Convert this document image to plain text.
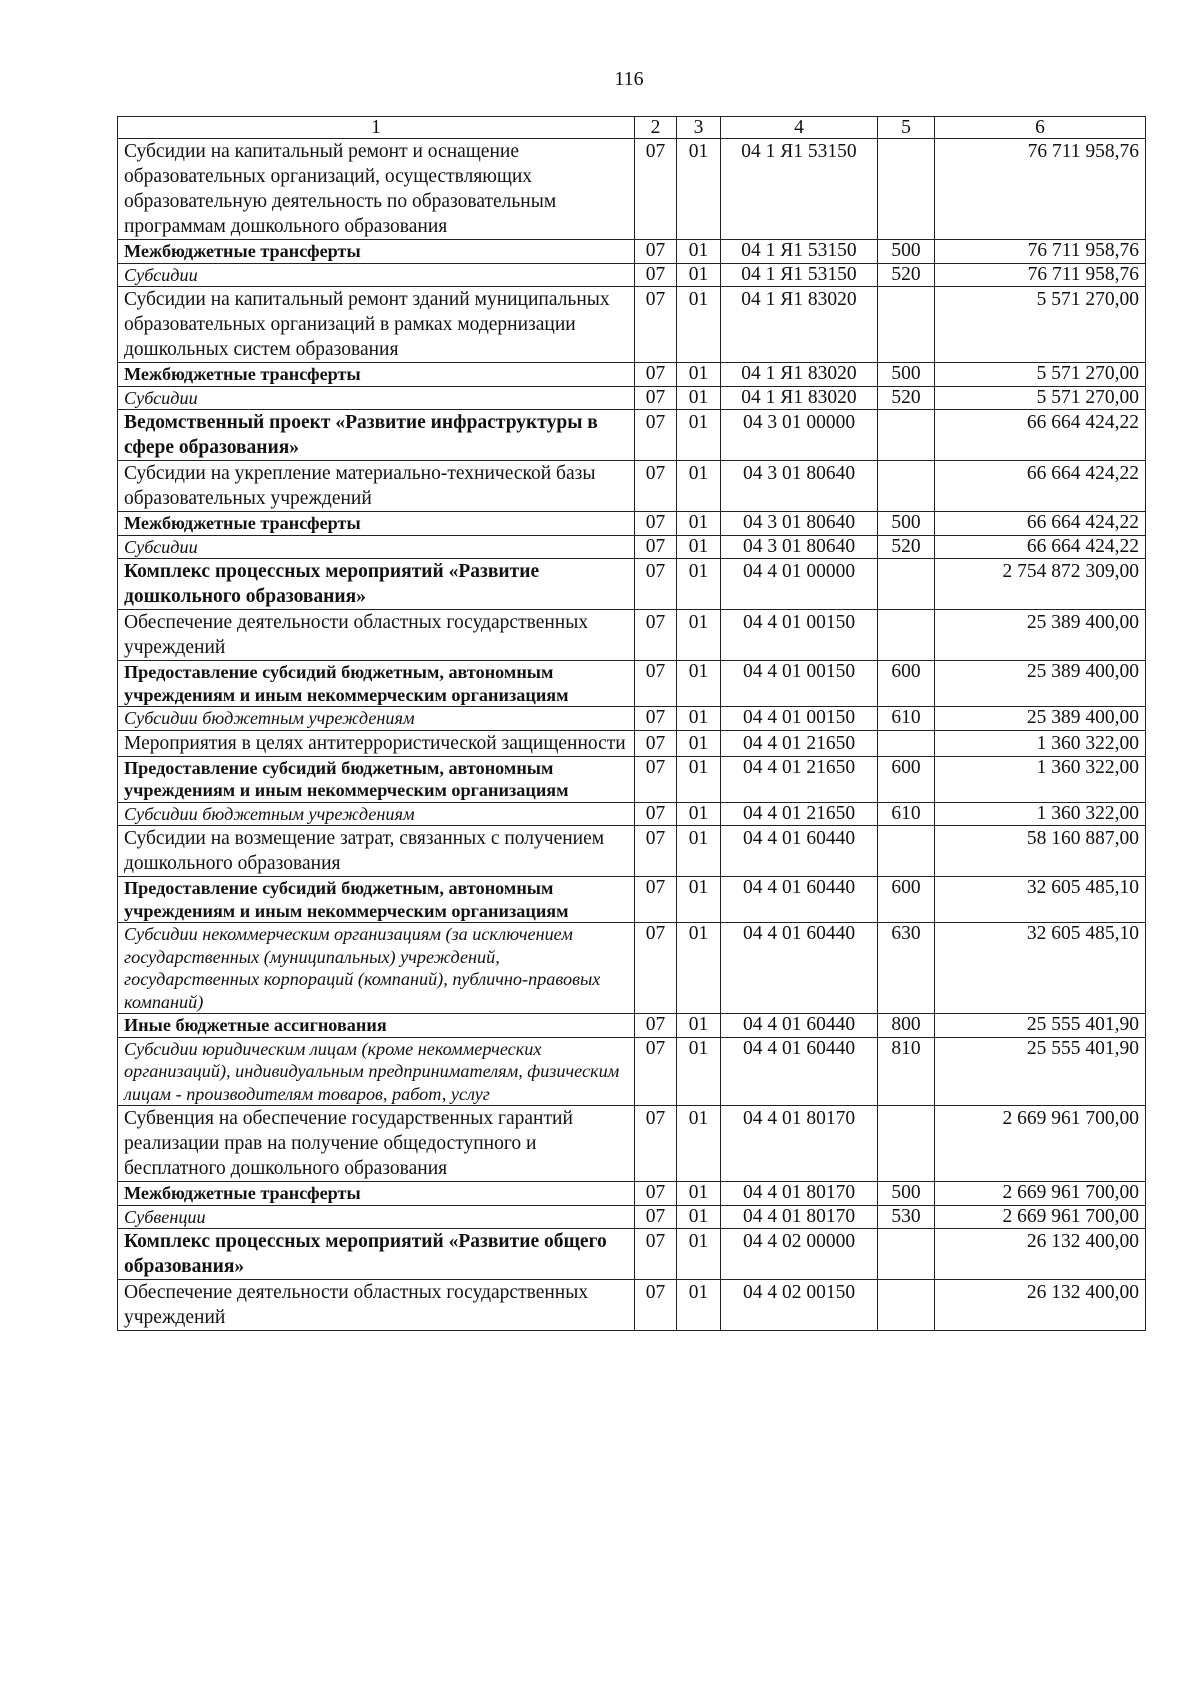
116
1	2	3	4	5	6
Субсидии на капитальный ремонт и оснащение образовательных организаций, осуществляющих образовательную деятельность по образовательным программам дошкольного образования	07	01	04 1 Я1 53150		76 711 958,76
Межбюджетные трансферты	07	01	04 1 Я1 53150	500	76 711 958,76
Субсидии	07	01	04 1 Я1 53150	520	76 711 958,76
Субсидии на капитальный ремонт зданий муниципальных образовательных организаций в рамках модернизации дошкольных систем образования	07	01	04 1 Я1 83020		5 571 270,00
Межбюджетные трансферты	07	01	04 1 Я1 83020	500	5 571 270,00
Субсидии	07	01	04 1 Я1 83020	520	5 571 270,00
Ведомственный проект «Развитие инфраструктуры в сфере образования»	07	01	04 3 01 00000		66 664 424,22
Субсидии на укрепление материально-технической базы образовательных учреждений	07	01	04 3 01 80640		66 664 424,22
Межбюджетные трансферты	07	01	04 3 01 80640	500	66 664 424,22
Субсидии	07	01	04 3 01 80640	520	66 664 424,22
Комплекс процессных мероприятий «Развитие дошкольного образования»	07	01	04 4 01 00000		2 754 872 309,00
Обеспечение деятельности областных государственных учреждений	07	01	04 4 01 00150		25 389 400,00
Предоставление субсидий бюджетным, автономным учреждениям и иным некоммерческим организациям	07	01	04 4 01 00150	600	25 389 400,00
Субсидии бюджетным учреждениям	07	01	04 4 01 00150	610	25 389 400,00
Мероприятия в целях антитеррористической защищенности	07	01	04 4 01 21650		1 360 322,00
Предоставление субсидий бюджетным, автономным учреждениям и иным некоммерческим организациям	07	01	04 4 01 21650	600	1 360 322,00
Субсидии бюджетным учреждениям	07	01	04 4 01 21650	610	1 360 322,00
Субсидии на возмещение затрат, связанных с получением дошкольного образования	07	01	04 4 01 60440		58 160 887,00
Предоставление субсидий бюджетным, автономным учреждениям и иным некоммерческим организациям	07	01	04 4 01 60440	600	32 605 485,10
Субсидии некоммерческим организациям (за исключением государственных (муниципальных) учреждений, государственных корпораций (компаний), публично-правовых компаний)	07	01	04 4 01 60440	630	32 605 485,10
Иные бюджетные ассигнования	07	01	04 4 01 60440	800	25 555 401,90
Субсидии юридическим лицам (кроме некоммерческих организаций), индивидуальным предпринимателям, физическим лицам - производителям товаров, работ, услуг	07	01	04 4 01 60440	810	25 555 401,90
Субвенция на обеспечение государственных гарантий реализации прав на получение общедоступного и бесплатного дошкольного образования	07	01	04 4 01 80170		2 669 961 700,00
Межбюджетные трансферты	07	01	04 4 01 80170	500	2 669 961 700,00
Субвенции	07	01	04 4 01 80170	530	2 669 961 700,00
Комплекс процессных мероприятий «Развитие общего образования»	07	01	04 4 02 00000		26 132 400,00
Обеспечение деятельности областных государственных учреждений	07	01	04 4 02 00150		26 132 400,00
